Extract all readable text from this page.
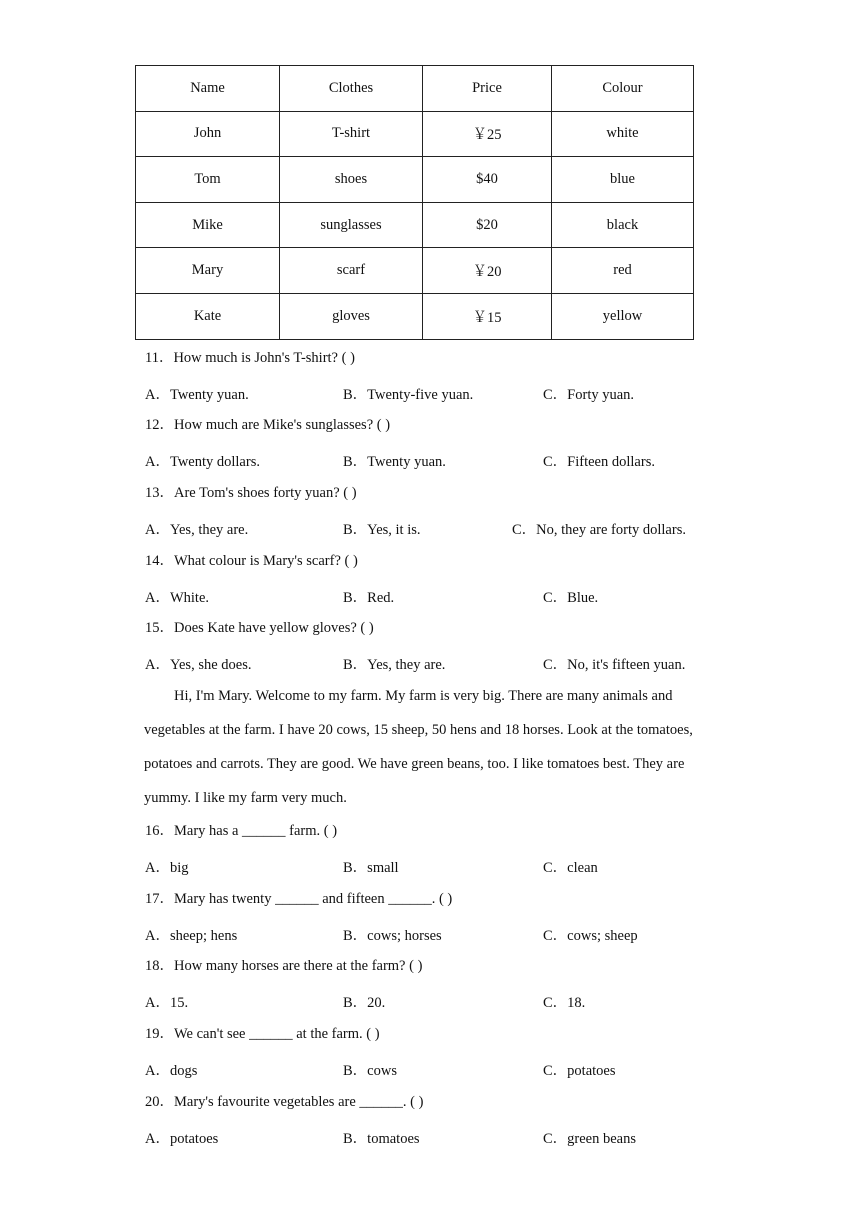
Name	Clothes	Price	Colour
John	T-shirt	￥25	white
Tom	shoes	$40	blue
Mike	sunglasses	$20	black
Mary	scarf	￥20	red
Kate	gloves	￥15	yellow
11．How much is John's T-shirt? ( )
A．Twenty yuan.	B．Twenty-five yuan.	C．Forty yuan.
12．How much are Mike's sunglasses? ( )
A．Twenty dollars.	B．Twenty yuan.	C．Fifteen dollars.
13．Are Tom's shoes forty yuan? ( )
A．Yes, they are.	B．Yes, it is.	C．No, they are forty dollars.
14．What colour is Mary's scarf? ( )
A．White.	B．Red.	C．Blue.
15．Does Kate have yellow gloves? ( )
A．Yes, she does.	B．Yes, they are.	C．No, it's fifteen yuan.
Hi, I'm Mary. Welcome to my farm. My farm is very big. There are many animals and
vegetables at the farm. I have 20 cows, 15 sheep, 50 hens and 18 horses. Look at the tomatoes,
potatoes and carrots. They are good. We have green beans, too. I like tomatoes best. They are
yummy. I like my farm very much.
16．Mary has a ______ farm. ( )
A．big	B．small	C．clean
17．Mary has twenty ______ and fifteen ______. ( )
A．sheep; hens	B．cows; horses	C．cows; sheep
18．How many horses are there at the farm? ( )
A．15.	B．20.	C．18.
19．We can't see ______ at the farm. ( )
A．dogs	B．cows	C．potatoes
20．Mary's favourite vegetables are ______. ( )
A．potatoes	B．tomatoes	C．green beans
